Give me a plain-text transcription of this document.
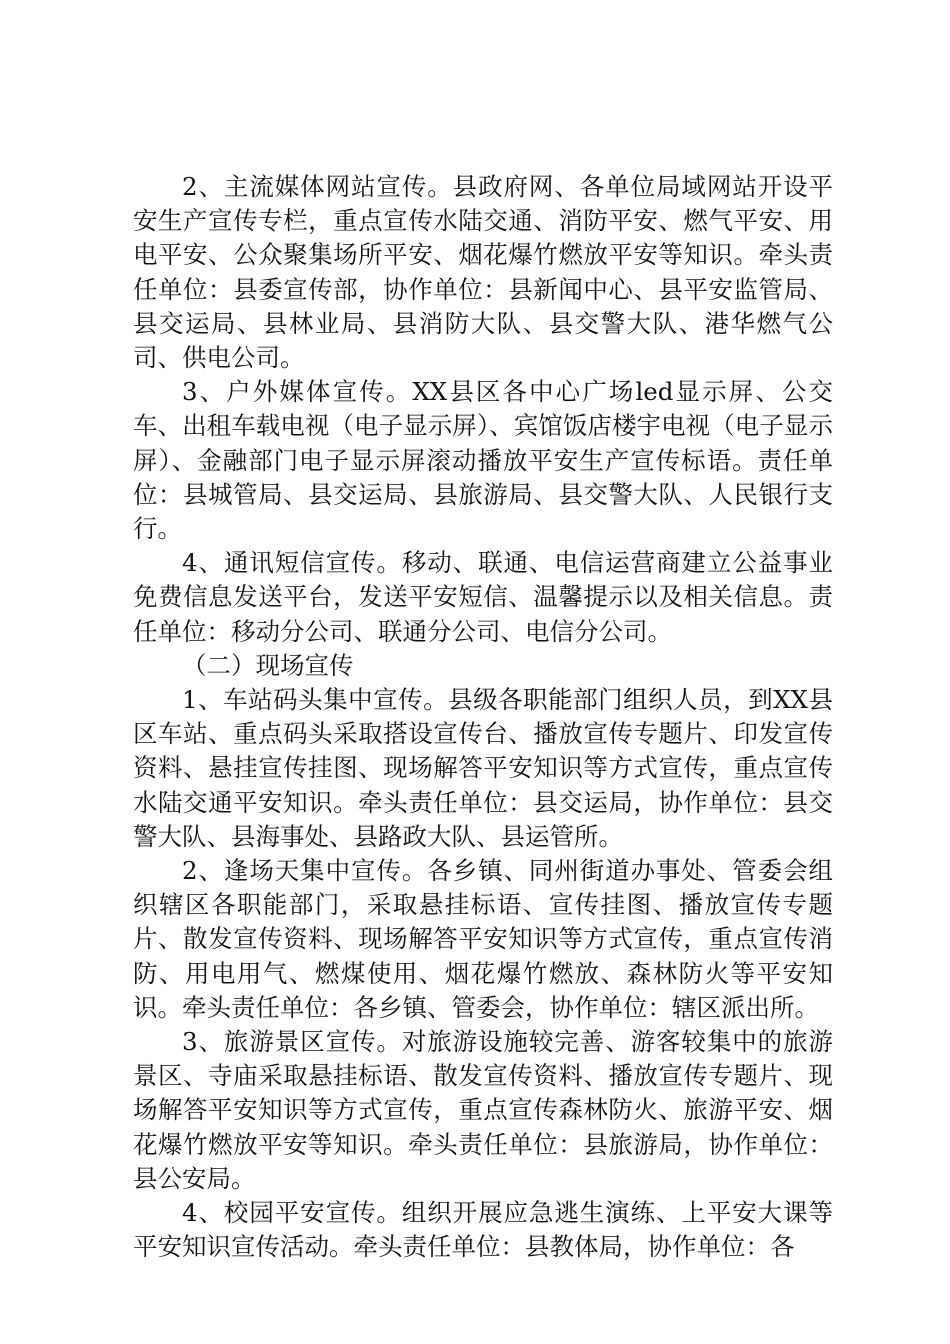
2、主流媒体网站宣传。县政府网、各单位局域网站开设平安生产宣传专栏，重点宣传水陆交通、消防平安、燃气平安、用电平安、公众聚集场所平安、烟花爆竹燃放平安等知识。牵头责任单位：县委宣传部，协作单位：县新闻中心、县平安监管局、县交运局、县林业局、县消防大队、县交警大队、港华燃气公司、供电公司。

3、户外媒体宣传。XX县区各中心广场led显示屏、公交车、出租车载电视（电子显示屏）、宾馆饭店楼宇电视（电子显示屏）、金融部门电子显示屏滚动播放平安生产宣传标语。责任单位：县城管局、县交运局、县旅游局、县交警大队、人民银行支行。

4、通讯短信宣传。移动、联通、电信运营商建立公益事业免费信息发送平台，发送平安短信、温馨提示以及相关信息。责任单位：移动分公司、联通分公司、电信分公司。

（二）现场宣传

1、车站码头集中宣传。县级各职能部门组织人员，到XX县区车站、重点码头采取搭设宣传台、播放宣传专题片、印发宣传资料、悬挂宣传挂图、现场解答平安知识等方式宣传，重点宣传水陆交通平安知识。牵头责任单位：县交运局，协作单位：县交警大队、县海事处、县路政大队、县运管所。

2、逢场天集中宣传。各乡镇、同州街道办事处、管委会组织辖区各职能部门，采取悬挂标语、宣传挂图、播放宣传专题片、散发宣传资料、现场解答平安知识等方式宣传，重点宣传消防、用电用气、燃煤使用、烟花爆竹燃放、森林防火等平安知识。牵头责任单位：各乡镇、管委会，协作单位：辖区派出所。

3、旅游景区宣传。对旅游设施较完善、游客较集中的旅游景区、寺庙采取悬挂标语、散发宣传资料、播放宣传专题片、现场解答平安知识等方式宣传，重点宣传森林防火、旅游平安、烟花爆竹燃放平安等知识。牵头责任单位：县旅游局，协作单位：县公安局。

4、校园平安宣传。组织开展应急逃生演练、上平安大课等平安知识宣传活动。牵头责任单位：县教体局，协作单位：各
